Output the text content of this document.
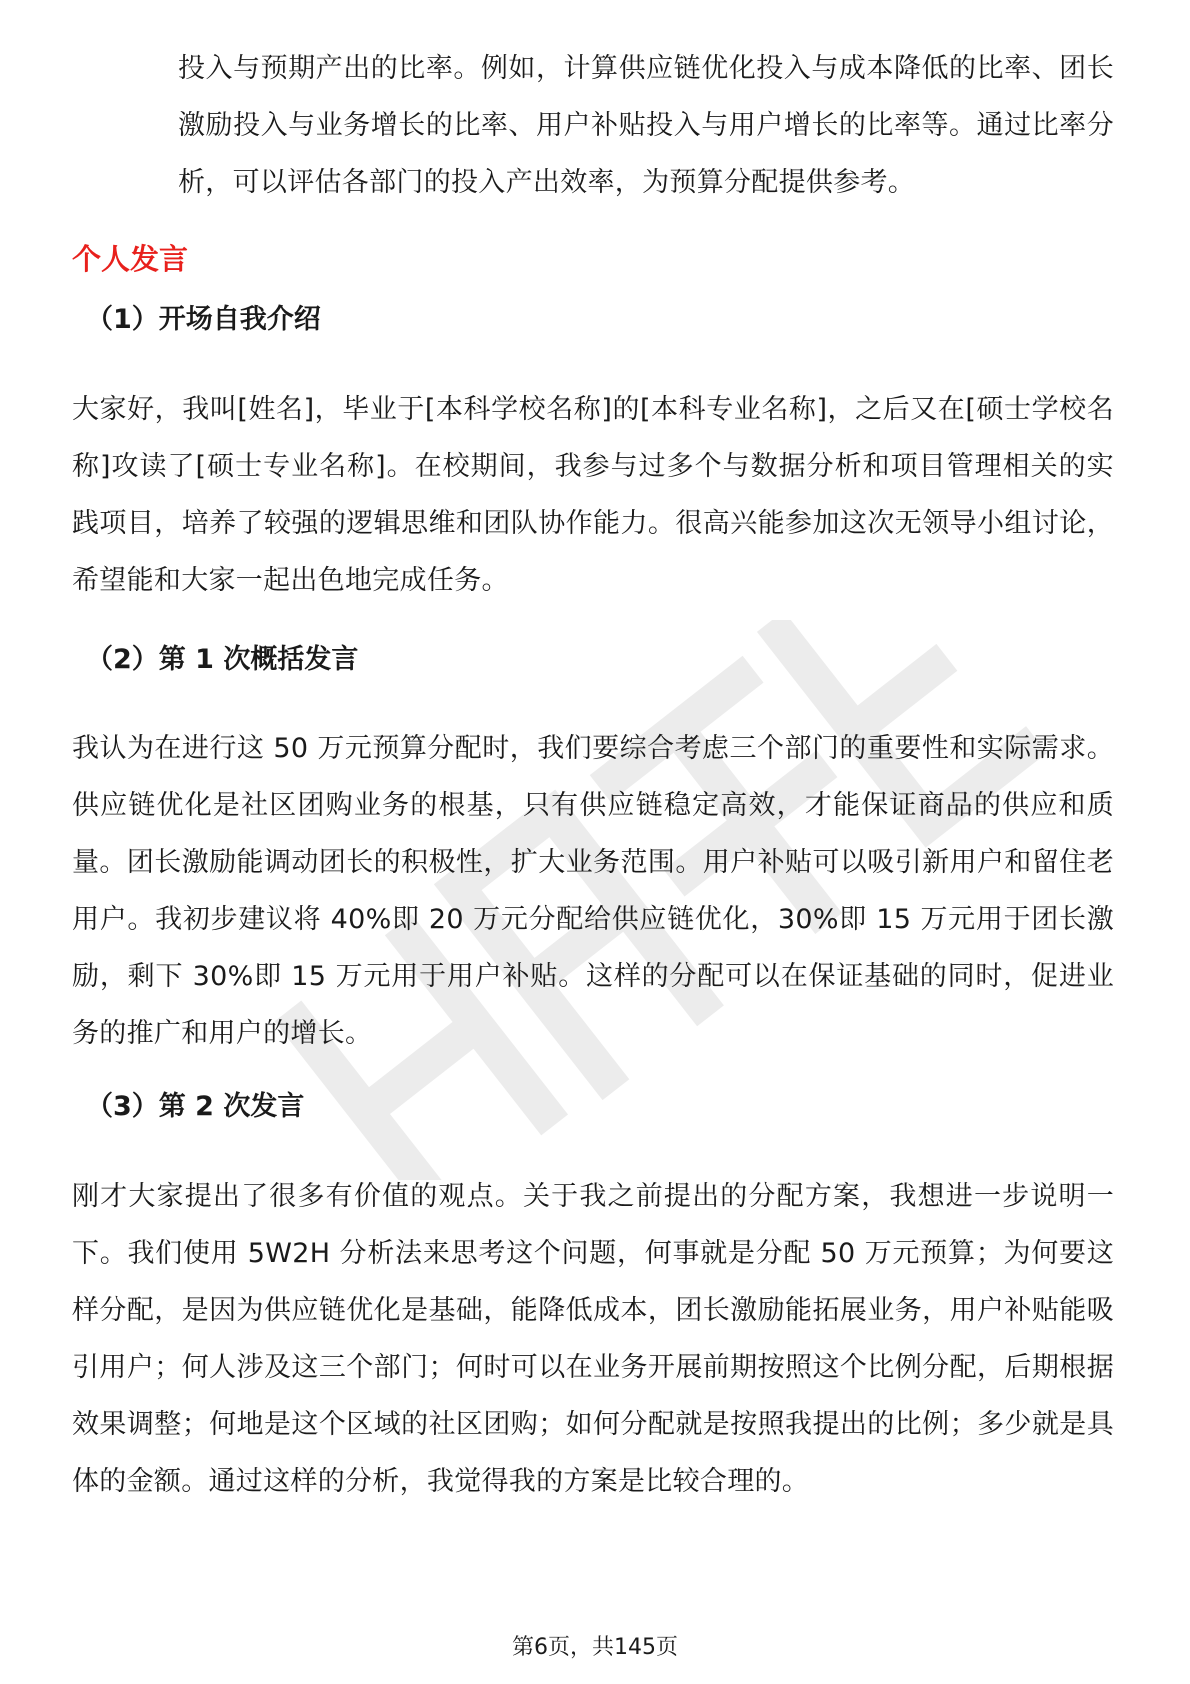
投入与预期产出的比率。例如，计算供应链优化投入与成本降低的比率、团长激励投入与业务增长的比率、用户补贴投入与用户增长的比率等。通过比率分析，可以评估各部门的投入产出效率，为预算分配提供参考。

个人发言
（1）开场自我介绍

大家好，我叫[姓名]，毕业于[本科学校名称]的[本科专业名称]，之后又在[硕士学校名称]攻读了[硕士专业名称]。在校期间，我参与过多个与数据分析和项目管理相关的实践项目，培养了较强的逻辑思维和团队协作能力。很高兴能参加这次无领导小组讨论，希望能和大家一起出色地完成任务。

（2）第 1 次概括发言

我认为在进行这 50 万元预算分配时，我们要综合考虑三个部门的重要性和实际需求。供应链优化是社区团购业务的根基，只有供应链稳定高效，才能保证商品的供应和质量。团长激励能调动团长的积极性，扩大业务范围。用户补贴可以吸引新用户和留住老用户。我初步建议将 40%即 20 万元分配给供应链优化，30%即 15 万元用于团长激励，剩下 30%即 15 万元用于用户补贴。这样的分配可以在保证基础的同时，促进业务的推广和用户的增长。

（3）第 2 次发言

刚才大家提出了很多有价值的观点。关于我之前提出的分配方案，我想进一步说明一下。我们使用 5W2H 分析法来思考这个问题，何事就是分配 50 万元预算；为何要这样分配，是因为供应链优化是基础，能降低成本，团长激励能拓展业务，用户补贴能吸引用户；何人涉及这三个部门；何时可以在业务开展前期按照这个比例分配，后期根据效果调整；何地是这个区域的社区团购；如何分配就是按照我提出的比例；多少就是具体的金额。通过这样的分析，我觉得我的方案是比较合理的。

第6页，共145页
